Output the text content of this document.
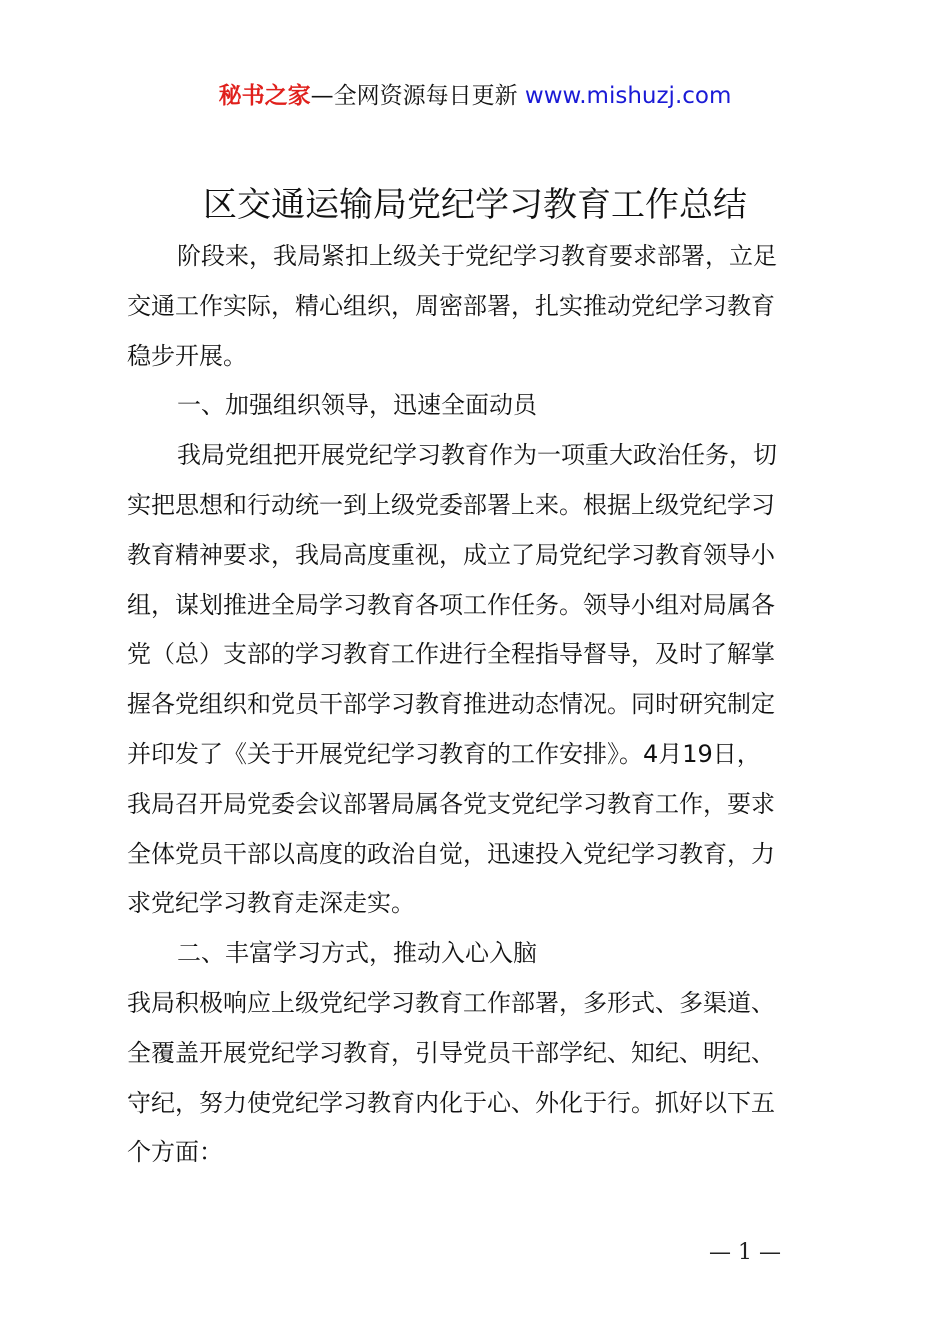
秘书之家—全网资源每日更新 www.mishuzj.com
区交通运输局党纪学习教育工作总结
阶段来，我局紧扣上级关于党纪学习教育要求部署，立足
交通工作实际，精心组织，周密部署，扎实推动党纪学习教育
稳步开展。
一、加强组织领导，迅速全面动员
我局党组把开展党纪学习教育作为一项重大政治任务，切
实把思想和行动统一到上级党委部署上来。根据上级党纪学习
教育精神要求，我局高度重视，成立了局党纪学习教育领导小
组，谋划推进全局学习教育各项工作任务。领导小组对局属各
党（总）支部的学习教育工作进行全程指导督导，及时了解掌
握各党组织和党员干部学习教育推进动态情况。同时研究制定
并印发了《关于开展党纪学习教育的工作安排》。4月19日，
我局召开局党委会议部署局属各党支党纪学习教育工作，要求
全体党员干部以高度的政治自觉，迅速投入党纪学习教育，力
求党纪学习教育走深走实。
二、丰富学习方式，推动入心入脑
我局积极响应上级党纪学习教育工作部署，多形式、多渠道、
全覆盖开展党纪学习教育，引导党员干部学纪、知纪、明纪、
守纪，努力使党纪学习教育内化于心、外化于行。抓好以下五
个方面：
— 1 —
